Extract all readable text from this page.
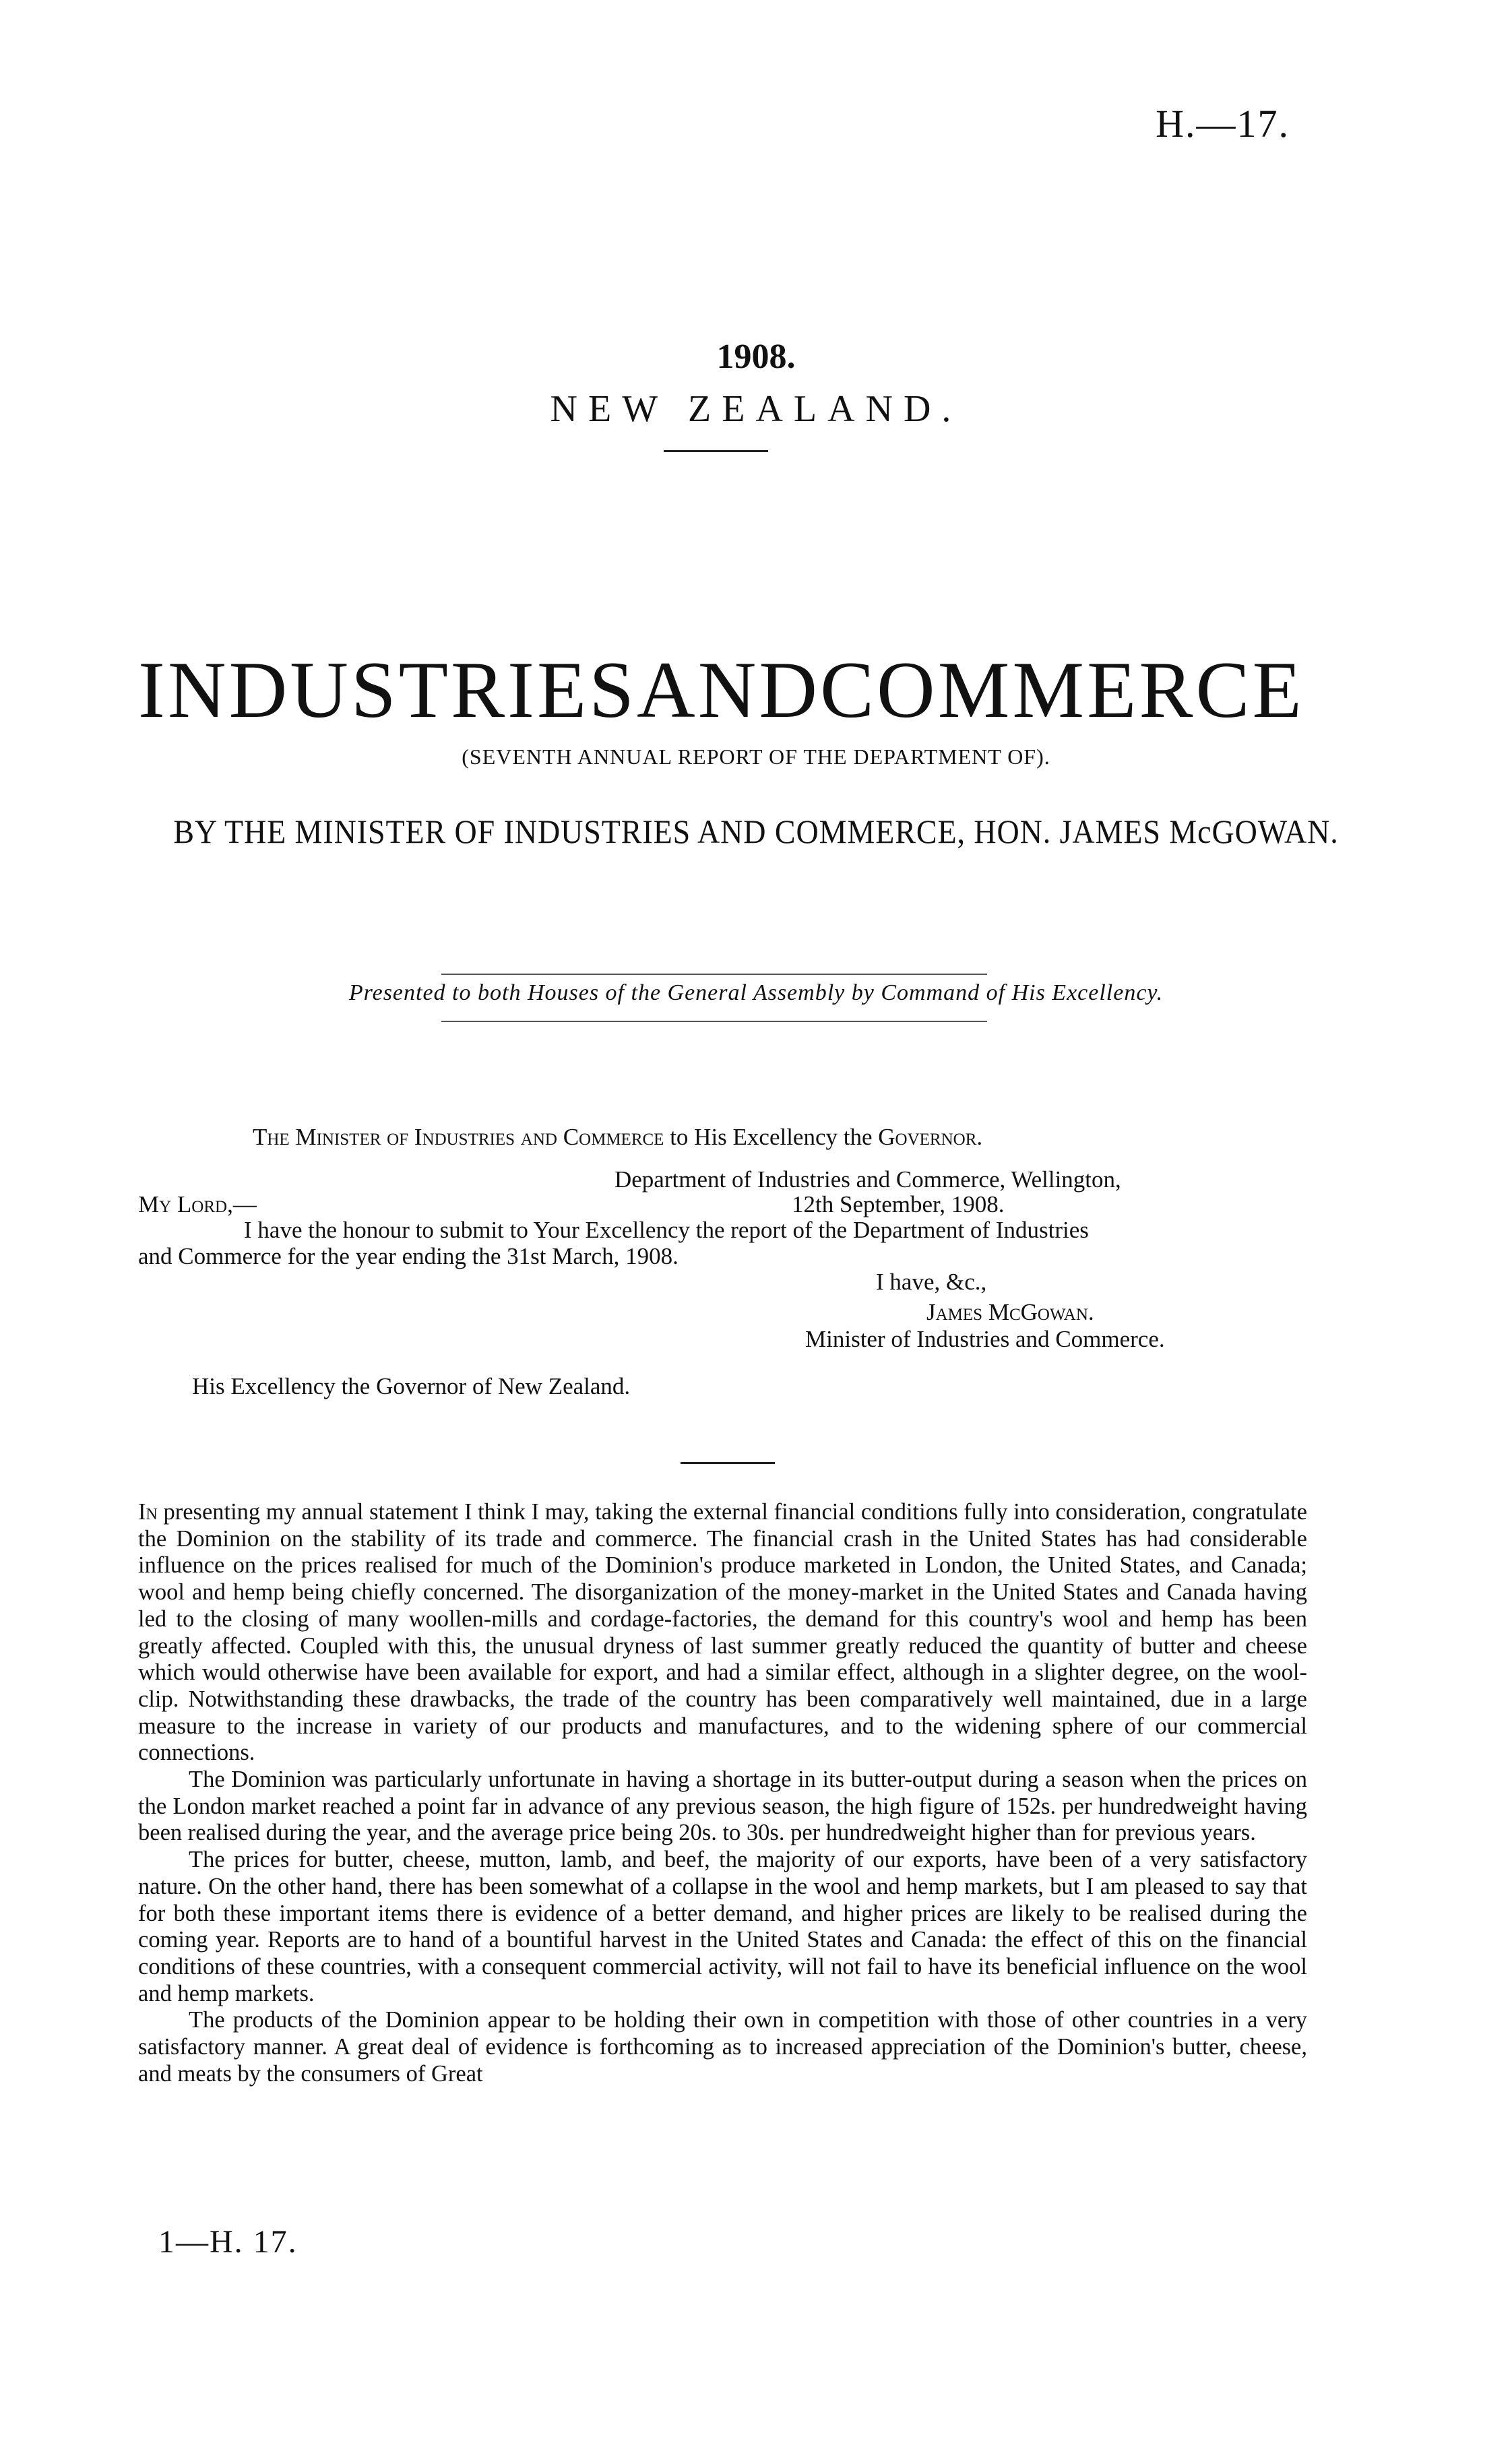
H.—17.
1908.
NEW ZEALAND.
INDUSTRIES AND COMMERCE
(SEVENTH ANNUAL REPORT OF THE DEPARTMENT OF).
BY THE MINISTER OF INDUSTRIES AND COMMERCE, HON. JAMES McGOWAN.
Presented to both Houses of the General Assembly by Command of His Excellency.
The Minister of Industries and Commerce to His Excellency the Governor.
Department of Industries and Commerce, Wellington,
My Lord,—	12th September, 1908.
I have the honour to submit to Your Excellency the report of the Department of Industries
and Commerce for the year ending the 31st March, 1908.
I have, &c.,
James McGowan.
Minister of Industries and Commerce.
His Excellency the Governor of New Zealand.

In presenting my annual statement I think I may, taking the external financial conditions fully into consideration, congratulate the Dominion on the stability of its trade and commerce. The financial crash in the United States has had considerable influence on the prices realised for much of the Dominion's produce marketed in London, the United States, and Canada; wool and hemp being chiefly concerned. The disorganization of the money-market in the United States and Canada having led to the closing of many woollen-mills and cordage-factories, the demand for this country's wool and hemp has been greatly affected. Coupled with this, the unusual dryness of last summer greatly reduced the quantity of butter and cheese which would otherwise have been available for export, and had a similar effect, although in a slighter degree, on the wool-clip. Notwithstanding these drawbacks, the trade of the country has been comparatively well maintained, due in a large measure to the increase in variety of our products and manufactures, and to the widening sphere of our commercial connections.

The Dominion was particularly unfortunate in having a shortage in its butter-output during a season when the prices on the London market reached a point far in advance of any previous season, the high figure of 152s. per hundredweight having been realised during the year, and the average price being 20s. to 30s. per hundredweight higher than for previous years.

The prices for butter, cheese, mutton, lamb, and beef, the majority of our exports, have been of a very satisfactory nature. On the other hand, there has been somewhat of a collapse in the wool and hemp markets, but I am pleased to say that for both these important items there is evidence of a better demand, and higher prices are likely to be realised during the coming year. Reports are to hand of a bountiful harvest in the United States and Canada: the effect of this on the financial conditions of these countries, with a consequent commercial activity, will not fail to have its beneficial influence on the wool and hemp markets.

The products of the Dominion appear to be holding their own in competition with those of other countries in a very satisfactory manner. A great deal of evidence is forthcoming as to increased appreciation of the Dominion's butter, cheese, and meats by the consumers of Great

1—H. 17.
